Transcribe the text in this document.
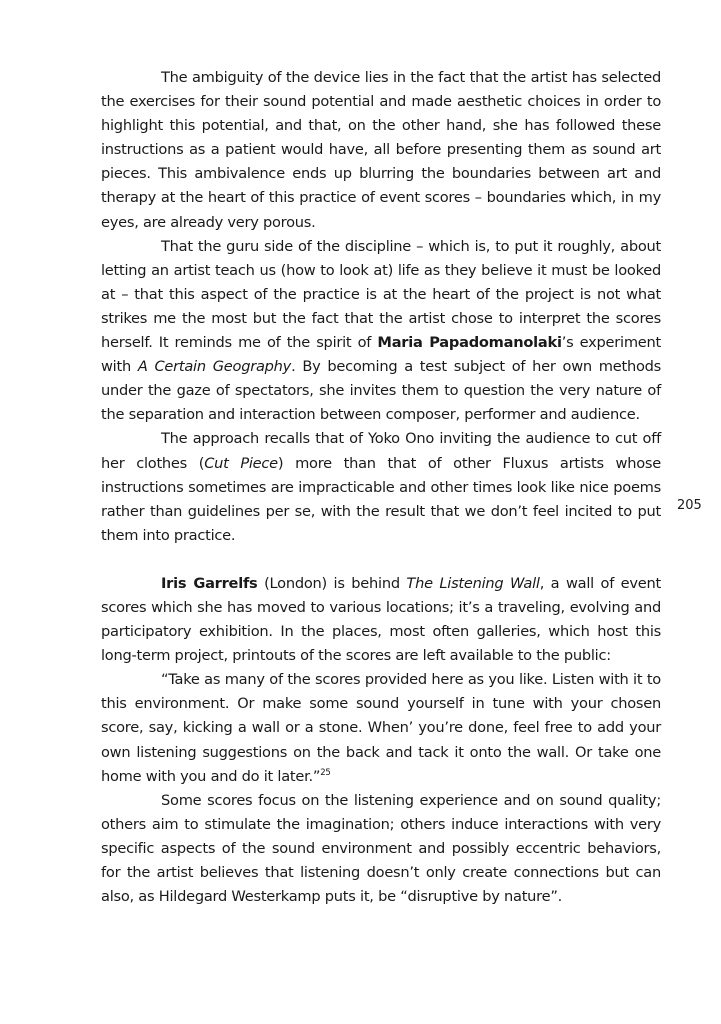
The ambiguity of the device lies in the fact that the artist has selected the exercises for their sound potential and made aesthetic choices in order to highlight this potential, and that, on the other hand, she has followed these instructions as a patient would have, all before presenting them as sound art pieces. This ambivalence ends up blurring the boundaries between art and therapy at the heart of this practice of event scores – boundaries which, in my eyes, are already very porous.

That the guru side of the discipline – which is, to put it roughly, about letting an artist teach us (how to look at) life as they believe it must be looked at – that this aspect of the practice is at the heart of the project is not what strikes me the most but the fact that the artist chose to interpret the scores herself. It reminds me of the spirit of Maria Papadomanolaki’s experiment with A Certain Geography. By becoming a test subject of her own methods under the gaze of spectators, she invites them to question the very nature of the separation and interaction between composer, performer and audience.

The approach recalls that of Yoko Ono inviting the audience to cut off her clothes (Cut Piece) more than that of other Fluxus artists whose instructions sometimes are impracticable and other times look like nice poems rather than guidelines per se, with the result that we don’t feel incited to put them into practice.

Iris Garrelfs (London) is behind The Listening Wall, a wall of event scores which she has moved to various locations; it’s a traveling, evolving and participatory exhibition. In the places, most often galleries, which host this long-term project, printouts of the scores are left available to the public:

“Take as many of the scores provided here as you like. Listen with it to this environment. Or make some sound yourself in tune with your chosen score, say, kicking a wall or a stone. When’ you’re done, feel free to add your own listening suggestions on the back and tack it onto the wall. Or take one home with you and do it later.”$^{25}$

Some scores focus on the listening experience and on sound quality; others aim to stimulate the imagination; others induce interactions with very specific aspects of the sound environment and possibly eccentric behaviors, for the artist believes that listening doesn’t only create connections but can also, as Hildegard Westerkamp puts it, be “disruptive by nature”.

205
